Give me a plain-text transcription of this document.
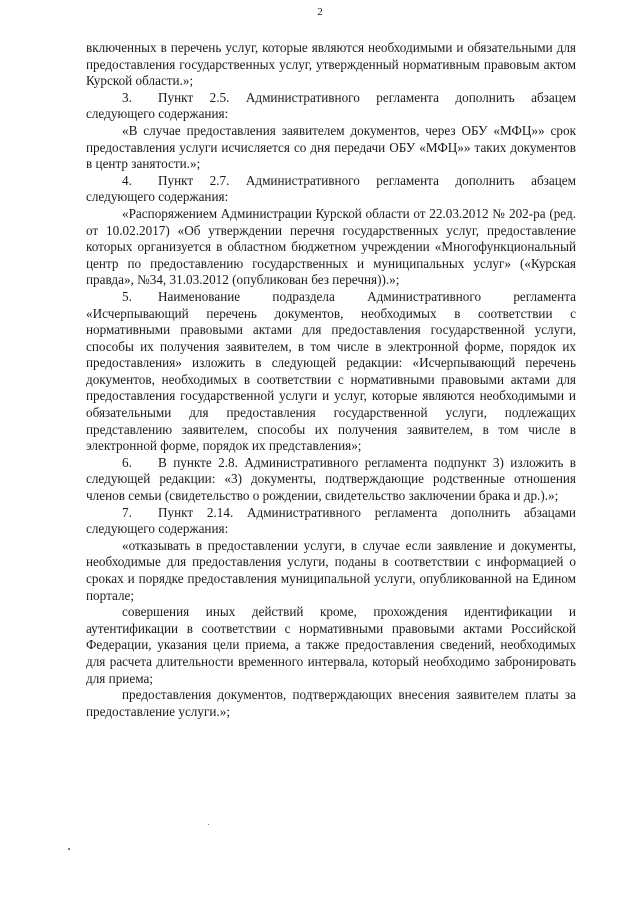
2

включенных в перечень услуг, которые являются необходимыми и обязательными для предоставления государственных услуг, утвержденный нормативным правовым актом Курской области.»;

3. Пункт 2.5. Административного регламента дополнить абзацем следующего содержания:

«В случае предоставления заявителем документов, через ОБУ «МФЦ»» срок предоставления услуги исчисляется со дня передачи ОБУ «МФЦ»» таких документов в центр занятости.»;

4. Пункт 2.7. Административного регламента дополнить абзацем следующего содержания:

«Распоряжением Администрации Курской области от 22.03.2012 № 202-ра (ред. от 10.02.2017) «Об утверждении перечня государственных услуг, предоставление которых организуется в областном бюджетном учреждении «Многофункциональный центр по предоставлению государственных и муниципальных услуг» («Курская правда», №34, 31.03.2012 (опубликован без перечня)).»;

5. Наименование подраздела Административного регламента «Исчерпывающий перечень документов, необходимых в соответствии с нормативными правовыми актами для предоставления государственной услуги, способы их получения заявителем, в том числе в электронной форме, порядок их предоставления» изложить в следующей редакции: «Исчерпывающий перечень документов, необходимых в соответствии с нормативными правовыми актами для предоставления государственной услуги и услуг, которые являются необходимыми и обязательными для предоставления государственной услуги, подлежащих представлению заявителем, способы их получения заявителем, в том числе в электронной форме, порядок их представления»;

6. В пункте 2.8. Административного регламента подпункт 3) изложить в следующей редакции: «3) документы, подтверждающие родственные отношения членов семьи (свидетельство о рождении, свидетельство заключении брака и др.).»;

7. Пункт 2.14. Административного регламента дополнить абзацами следующего содержания:

«отказывать в предоставлении услуги, в случае если заявление и документы, необходимые для предоставления услуги, поданы в соответствии с информацией о сроках и порядке предоставления муниципальной услуги, опубликованной на Едином портале;

совершения иных действий кроме, прохождения идентификации и аутентификации в соответствии с нормативными правовыми актами Российской Федерации, указания цели приема, а также предоставления сведений, необходимых для расчета длительности временного интервала, который необходимо забронировать для приема;

предоставления документов, подтверждающих внесения заявителем платы за предоставление услуги.»;
